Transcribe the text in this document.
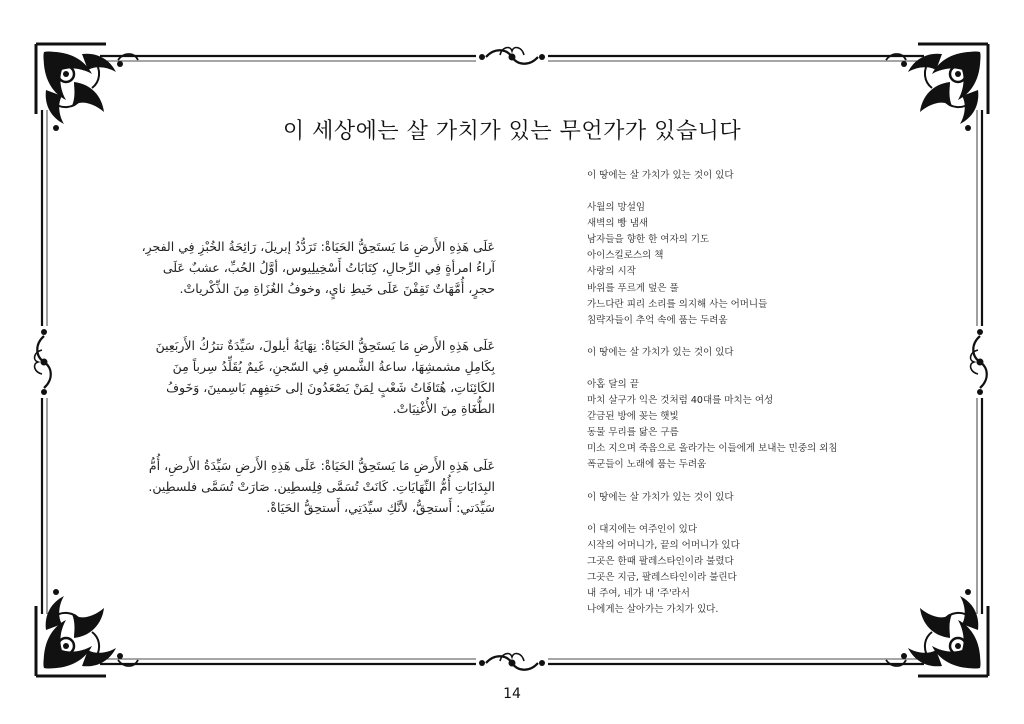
이 세상에는 살 가치가 있는 무언가가 있습니다

عَلَى هَذِهِ الأَرضِ مَا يَستَحِقُّ الحَيَاةْ: تَرَدُّدُ إبريلَ، رَائِحَةُ الخُبْزِ فِي الفجرِ، آراءُ امرأةٍ فِي الرِّجالِ، كِتَابَاتُ أَسْخِيلِيوس، أوَّلُ الحُبِّ، عشبٌ عَلَى حجرٍ، أُمَّهَاتٌ تَقِفْنَ عَلَى خَيطِ نايٍ، وخوفُ الغُزَاةِ مِنَ الذِّكْرياتْ.

عَلَى هَذِهِ الأَرضِ مَا يَستَحِقُّ الحَيَاةْ: نِهَايَةُ أيلولَ، سَيِّدَةٌ تترُكُ الأَربَعِينَ بِكَامِلِ مشمشِهَا، ساعةُ الشَّمسِ فِي السّجنِ، غَيمٌ يُقَلِّدُ سِرباً مِنَ الكَائِنَاتِ، هُتَافَاتُ شَعْبٍ لِمَنْ يَصْعَدُونَ إلى حَتفِهِم بَاسِمينَ، وَخَوفُ الطُّغَاةِ مِنَ الأُغْنِيَاتْ.

عَلَى هَذِهِ الأَرضِ مَا يَستَحِقُّ الحَيَاةْ: عَلَى هَذِهِ الأَرضِ سَيِّدَةُ الأَرضِ، أُمُّ البِدَايَاتِ أُمُّ النِّهَايَاتِ. كَانَتْ تُسَمَّى فِلِسطِين. صَارَتْ تُسَمَّى فلسطِين. سَيِّدَتي: أَستحِقُّ، لأنَّكِ سيِّدَتِي، أَستحِقُّ الحَيَاةْ.

이 땅에는 살 가치가 있는 것이 있다
사월의 망설임
새벽의 빵 냄새
남자들을 향한 한 여자의 기도
아이스킬로스의 책
사랑의 시작
바위를 푸르게 덮은 풀
가느다란 피리 소리를 의지해 사는 어머니들
침략자들이 추억 속에 품는 두려움
이 땅에는 살 가치가 있는 것이 있다
아홉 달의 끝
마치 살구가 익은 것처럼 40대를 마치는 여성
갇금된 방에 꽂는 햇빛
동물 무리를 닮은 구름
미소 지으며 죽음으로 올라가는 이들에게 보내는 민중의 외침
폭군들이 노래에 품는 두려움
이 땅에는 살 가치가 있는 것이 있다
이 대지에는 여주인이 있다
시작의 어머니가, 끝의 어머니가 있다
그곳은 한때 팔레스타인이라 불렸다
그곳은 지금, 팔레스타인이라 불린다
내 주여, 네가 내 '주'라서
나에게는 살아가는 가치가 있다.
14
